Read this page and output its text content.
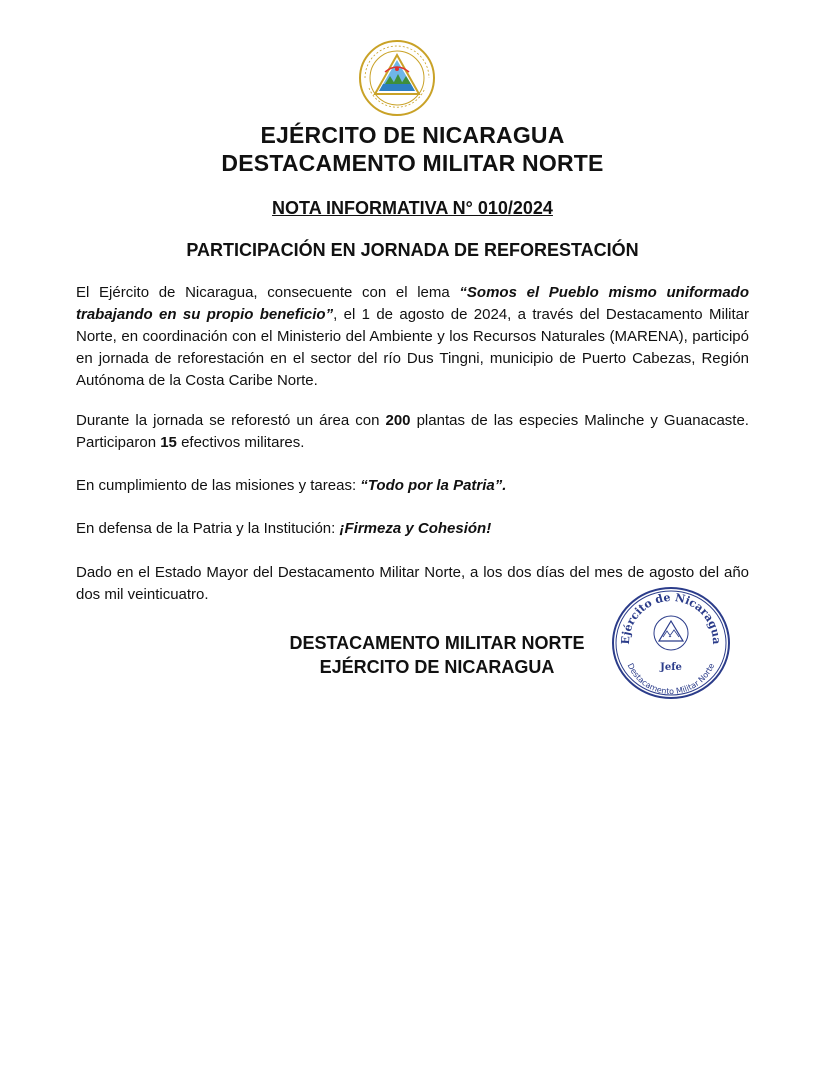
EJÉRCITO DE NICARAGUA
DESTACAMENTO MILITAR NORTE
NOTA INFORMATIVA N° 010/2024
PARTICIPACIÓN EN JORNADA DE REFORESTACIÓN

El Ejército de Nicaragua, consecuente con el lema “Somos el Pueblo mismo uniformado trabajando en su propio beneficio”, el 1 de agosto de 2024, a través del Destacamento Militar Norte, en coordinación con el Ministerio del Ambiente y los Recursos Naturales (MARENA), participó en jornada de reforestación en el sector del río Dus Tingni, municipio de Puerto Cabezas, Región Autónoma de la Costa Caribe Norte.

Durante la jornada se reforestó un área con 200 plantas de las especies Malinche y Guanacaste. Participaron 15 efectivos militares.

En cumplimiento de las misiones y tareas: “Todo por la Patria”.

En defensa de la Patria y la Institución: ¡Firmeza y Cohesión!

Dado en el Estado Mayor del Destacamento Militar Norte, a los dos días del mes de agosto del año dos mil veinticuatro.

DESTACAMENTO MILITAR NORTE
EJÉRCITO DE NICARAGUA
Ejército de Nicaragua
Destacamento Militar Norte
Jefe
